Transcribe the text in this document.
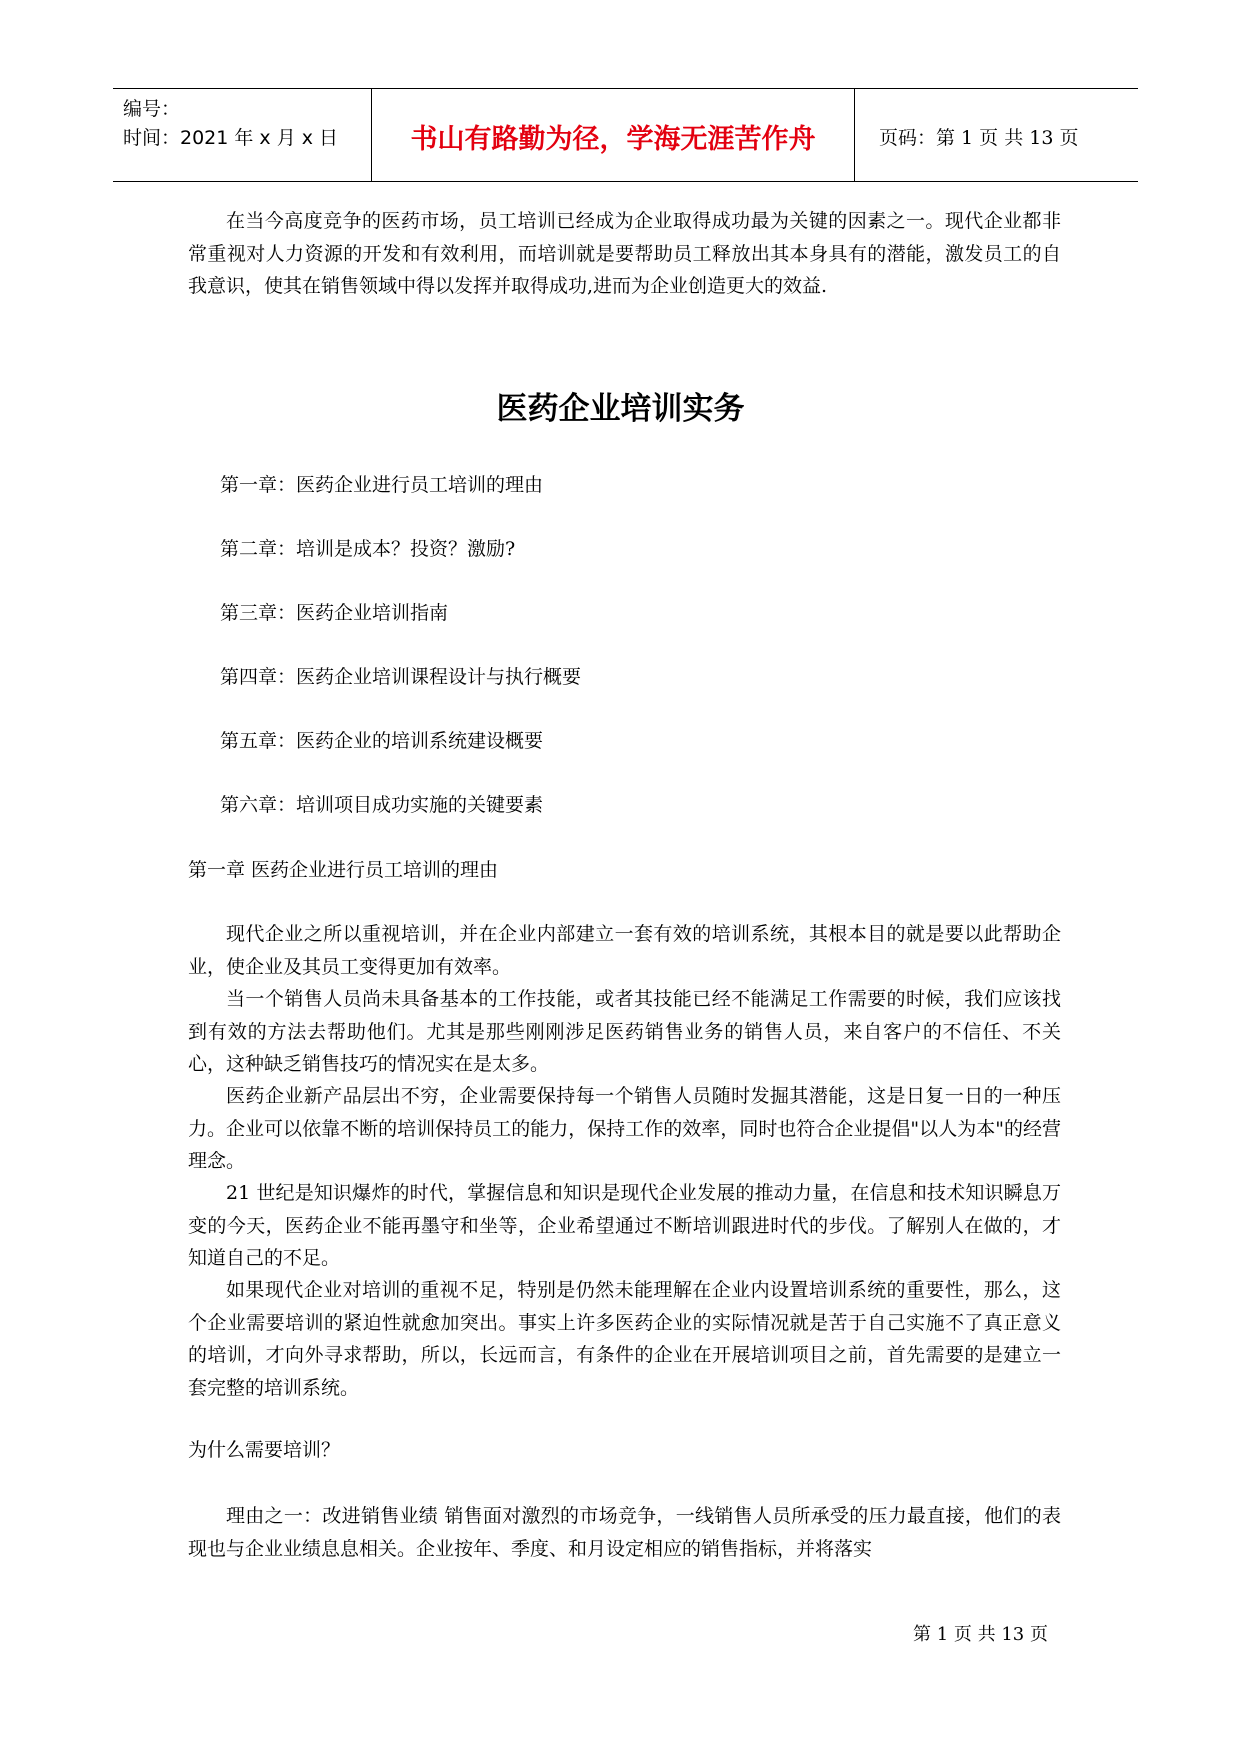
编号：
时间：2021 年 x 月 x 日	书山有路勤为径，学海无涯苦作舟	页码：第 1 页 共 13 页

在当今高度竞争的医药市场，员工培训已经成为企业取得成功最为关键的因素之一。现代企业都非常重视对人力资源的开发和有效利用，而培训就是要帮助员工释放出其本身具有的潜能，激发员工的自我意识，使其在销售领域中得以发挥并取得成功,进而为企业创造更大的效益.

医药企业培训实务
第一章：医药企业进行员工培训的理由
第二章：培训是成本？投资？激励?
第三章：医药企业培训指南
第四章：医药企业培训课程设计与执行概要
第五章：医药企业的培训系统建设概要
第六章：培训项目成功实施的关键要素
第一章 医药企业进行员工培训的理由

现代企业之所以重视培训，并在企业内部建立一套有效的培训系统，其根本目的就是要以此帮助企业，使企业及其员工变得更加有效率。

当一个销售人员尚未具备基本的工作技能，或者其技能已经不能满足工作需要的时候，我们应该找到有效的方法去帮助他们。尤其是那些刚刚涉足医药销售业务的销售人员，来自客户的不信任、不关心，这种缺乏销售技巧的情况实在是太多。

医药企业新产品层出不穷，企业需要保持每一个销售人员随时发掘其潜能，这是日复一日的一种压力。企业可以依靠不断的培训保持员工的能力，保持工作的效率，同时也符合企业提倡"以人为本"的经营理念。

21 世纪是知识爆炸的时代，掌握信息和知识是现代企业发展的推动力量，在信息和技术知识瞬息万变的今天，医药企业不能再墨守和坐等，企业希望通过不断培训跟进时代的步伐。了解别人在做的，才知道自己的不足。

如果现代企业对培训的重视不足，特别是仍然未能理解在企业内设置培训系统的重要性，那么，这个企业需要培训的紧迫性就愈加突出。事实上许多医药企业的实际情况就是苦于自己实施不了真正意义的培训，才向外寻求帮助，所以，长远而言，有条件的企业在开展培训项目之前，首先需要的是建立一套完整的培训系统。

为什么需要培训？

理由之一：改进销售业绩 销售面对激烈的市场竞争，一线销售人员所承受的压力最直接，他们的表现也与企业业绩息息相关。企业按年、季度、和月设定相应的销售指标，并将落实

第 1 页 共 13 页
